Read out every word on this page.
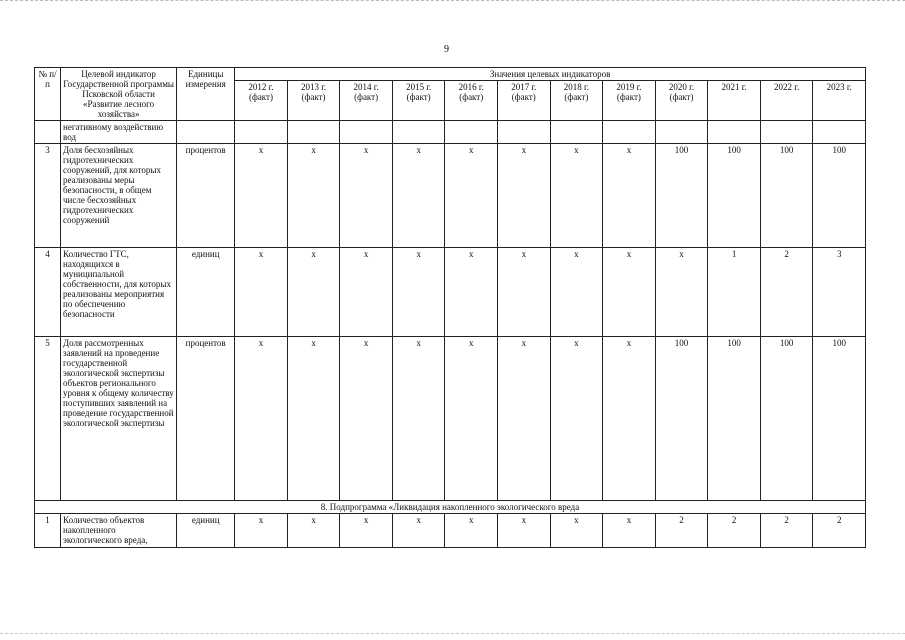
9
№ п/п	Целевой индикатор Государственной программы Псковской области «Развитие лесного хозяйства»	Единицы измерения	Значения целевых индикаторов											
			2012 г. (факт)	2013 г. (факт)	2014 г. (факт)	2015 г. (факт)	2016 г. (факт)	2017 г. (факт)	2018 г. (факт)	2019 г. (факт)	2020 г. (факт)	2021 г.	2022 г.	2023 г.
	негативному воздействию вод													
3	Доля бесхозяйных гидротехнических сооружений, для которых реализованы меры безопасности, в общем числе бесхозяйных гидротехнических сооружений	процентов	х	х	х	х	х	х	х	х	100	100	100	100
4	Количество ГТС, находящихся в муниципальной собственности, для которых реализованы мероприятия по обеспечению безопасности	единиц	х	х	х	х	х	х	х	х	х	1	2	3
5	Доля рассмотренных заявлений на проведение государственной экологической экспертизы объектов регионального уровня к общему количеству поступивших заявлений на проведение государственной экологической экспертизы	процентов	х	х	х	х	х	х	х	х	100	100	100	100
8. Подпрограмма «Ликвидация накопленного экологического вреда														
1	Количество объектов накопленного экологического вреда,	единиц	х	х	х	х	х	х	х	х	2	2	2	2
